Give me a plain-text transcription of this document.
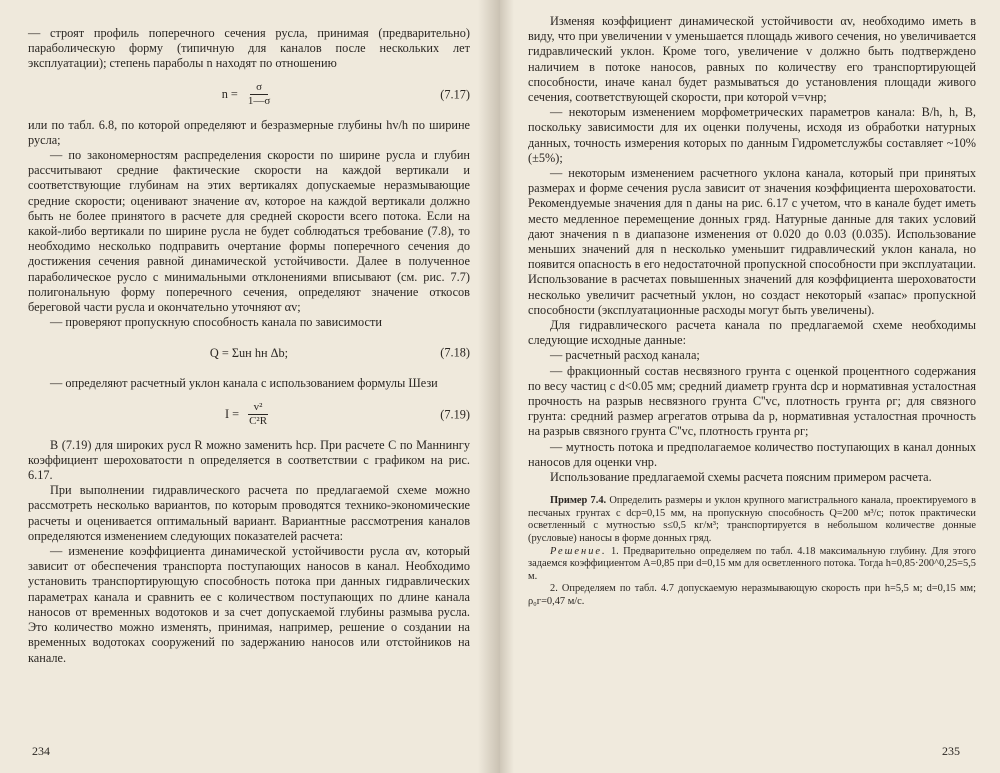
— строят профиль поперечного сечения русла, принимая (предварительно) параболическую форму (типичную для каналов после нескольких лет эксплуатации); степень параболы n находят по отношению

$n = \frac{\sigma}{1—\sigma}$	(7.17)

или по табл. 6.8, по которой определяют и безразмерные глубины hv/h по ширине русла;

— по закономерностям распределения скорости по ширине русла и глубин рассчитывают средние фактические скорости на каждой вертикали и соответствующие глубинам на этих вертикалях допускаемые неразмывающие средние скорости; оценивают значение αv, которое на каждой вертикали должно быть не более принятого в расчете для средней скорости всего потока. Если на какой-либо вертикали по ширине русла не будет соблюдаться требование (7.8), то необходимо несколько подправить очертание формы поперечного сечения до достижения сечения равной динамической устойчивости. Далее в полученное параболическое русло с минимальными отклонениями вписывают (см. рис. 7.7) полигональную форму поперечного сечения, определяют значение откосов береговой части русла и окончательно уточняют αv;

— проверяют пропускную способность канала по зависимости

Q = Σuн hн Δb;	(7.18)

— определяют расчетный уклон канала с использованием формулы Шези

$I = \frac{\text{v²}}{\text{C²R}}$	(7.19)

В (7.19) для широких русл R можно заменить hср. При расчете C по Маннингу коэффициент шероховатости n определяется в соответствии с графиком на рис. 6.17.

При выполнении гидравлического расчета по предлагаемой схеме можно рассмотреть несколько вариантов, по которым проводятся технико-экономические расчеты и оценивается оптимальный вариант. Вариантные рассмотрения каналов определяются изменением следующих показателей расчета:

— изменение коэффициента динамической устойчивости русла αv, который зависит от обеспечения транспорта поступающих наносов в канал. Необходимо установить транспортирующую способность потока при данных гидравлических параметрах канала и сравнить ее с количеством поступающих по длине канала наносов от временных водотоков и за счет допускаемой глубины размыва русла. Это количество можно изменять, принимая, например, решение о создании на временных водотоках сооружений по задержанию наносов или отстойников на канале.

234

Изменяя коэффициент динамической устойчивости αv, необходимо иметь в виду, что при увеличении v уменьшается площадь живого сечения, но увеличивается гидравлический уклон. Кроме того, увеличение v должно быть подтверждено наличием в потоке наносов, равных по количеству его транспортирующей способности, иначе канал будет размываться до установления площади живого сечения, соответствующей скорости, при которой v=vнр;

— некоторым изменением морфометрических параметров канала: B/h, h, B, поскольку зависимости для их оценки получены, исходя из обработки натурных данных, точность измерения которых по данным Гидрометслужбы составляет ~10% (±5%);

— некоторым изменением расчетного уклона канала, который при принятых размерах и форме сечения русла зависит от значения коэффициента шероховатости. Рекомендуемые значения для n даны на рис. 6.17 с учетом, что в канале будет иметь место медленное перемещение донных гряд. Натурные данные для таких условий дают значения n в диапазоне изменения от 0.020 до 0.03 (0.035). Использование меньших значений для n несколько уменьшит гидравлический уклон канала, но появится опасность в его недостаточной пропускной способности при эксплуатации. Использование в расчетах повышенных значений для коэффициента шероховатости несколько увеличит расчетный уклон, но создаст некоторый «запас» пропускной способности (эксплуатационные расходы могут быть увеличены).

Для гидравлического расчета канала по предлагаемой схеме необходимы следующие исходные данные:

— расчетный расход канала;

— фракционный состав несвязного грунта с оценкой процентного содержания по весу частиц с d<0.05 мм; средний диаметр грунта dср и нормативная усталостная прочность на разрыв несвязного грунта C''vc, плотность грунта ρг; для связного грунта: средний размер агрегатов отрыва dа р, нормативная усталостная прочность на разрыв связного грунта C''vc, плотность грунта ρг;

— мутность потока и предполагаемое количество поступающих в канал донных наносов для оценки vнр.

Использование предлагаемой схемы расчета поясним примером расчета.

Пример 7.4. Определить размеры и уклон крупного магистрального канала, проектируемого в песчаных грунтах с dср=0,15 мм, на пропускную способность Q=200 м³/с; поток практически осветленный с мутностью s≤0,5 кг/м³; транспортируется в небольшом количестве донные (русловые) наносы в форме донных гряд.

Решение. 1. Предварительно определяем по табл. 4.18 максимальную глубину. Для этого задаемся коэффициентом A=0,85 при d=0,15 мм для осветленного потока. Тогда h=0,85·200^0,25=5,5 м.

2. Определяем по табл. 4.7 допускаемую неразмывающую скорость при h=5,5 м; d=0,15 мм; ρ₀г=0,47 м/с.

235
